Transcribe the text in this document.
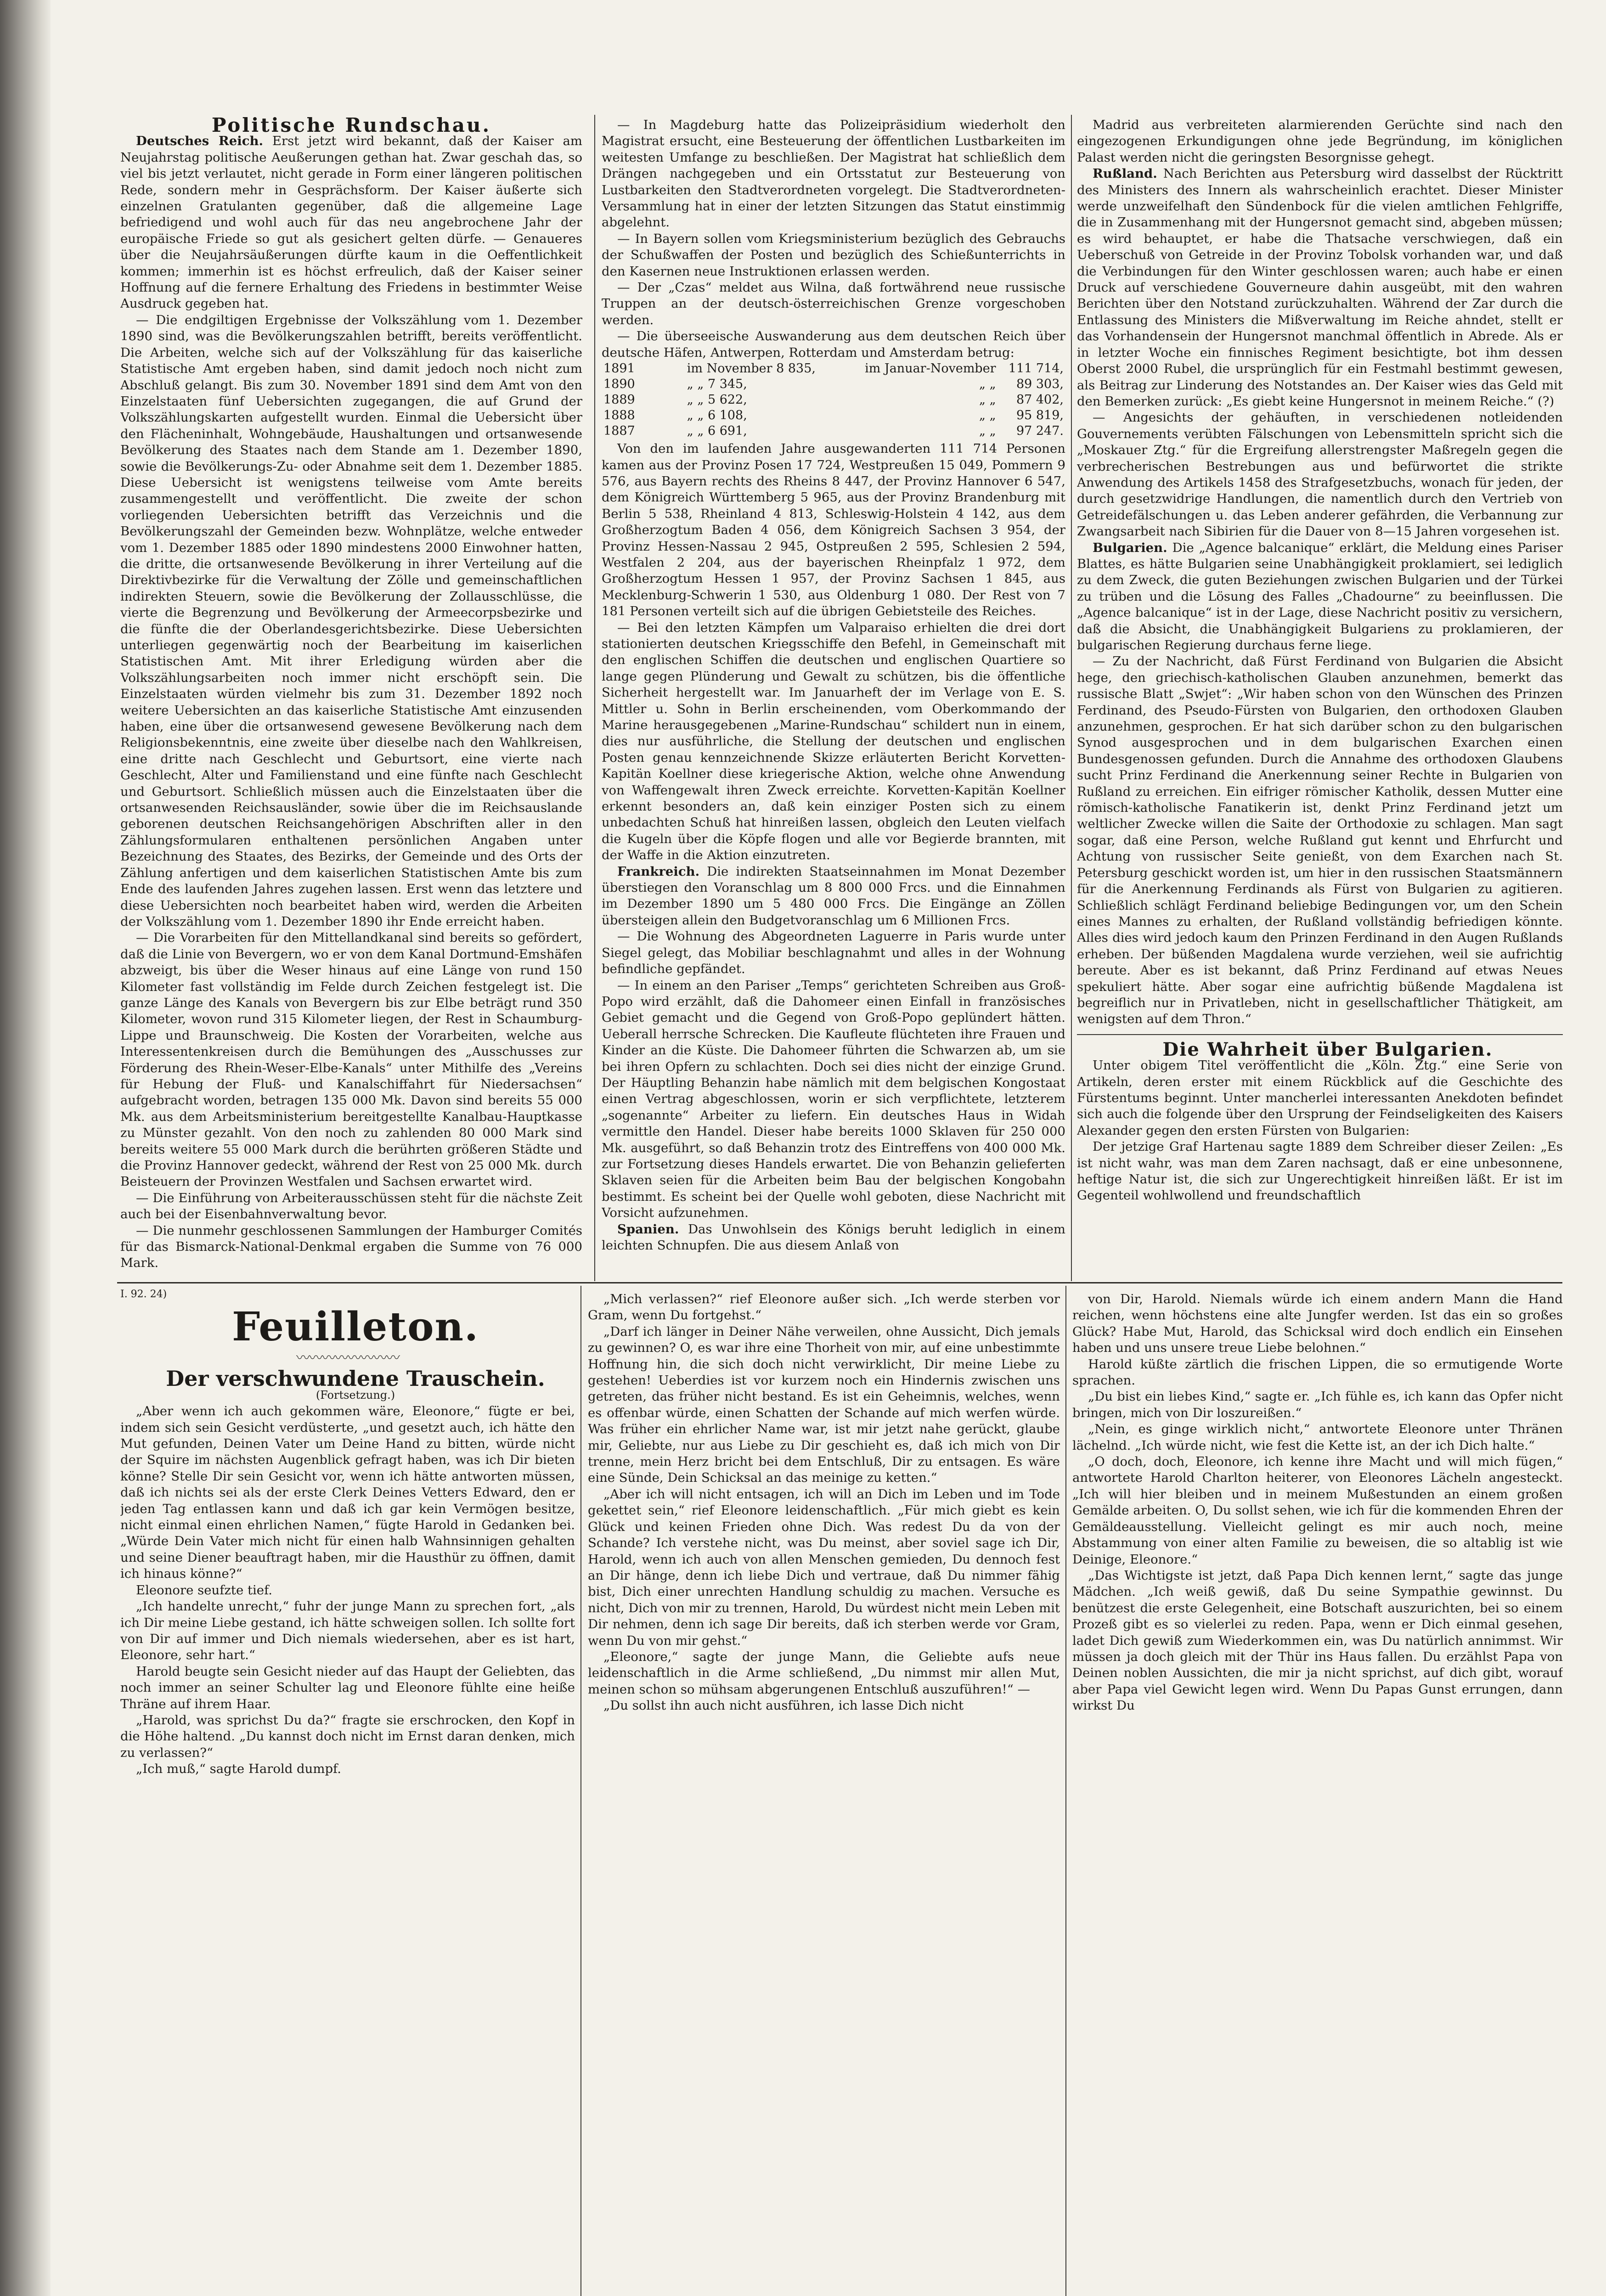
I. 92. 24)

Politische Rundschau.

Deutsches Reich. Erst jetzt wird bekannt, daß der Kaiser am Neujahrstag politische Aeußerungen gethan hat. Zwar geschah das, so viel bis jetzt verlautet, nicht gerade in Form einer längeren politischen Rede, sondern mehr in Gesprächsform. Der Kaiser äußerte sich einzelnen Gratulanten gegenüber, daß die allgemeine Lage befriedigend und wohl auch für das neu angebrochene Jahr der europäische Friede so gut als gesichert gelten dürfe. — Genaueres über die Neujahrsäußerungen dürfte kaum in die Oeffentlichkeit kommen; immerhin ist es höchst erfreulich, daß der Kaiser seiner Hoffnung auf die fernere Erhaltung des Friedens in bestimmter Weise Ausdruck gegeben hat.

— Die endgiltigen Ergebnisse der Volkszählung vom 1. Dezember 1890 sind, was die Bevölkerungszahlen betrifft, bereits veröffentlicht. Die Arbeiten, welche sich auf der Volkszählung für das kaiserliche Statistische Amt ergeben haben, sind damit jedoch noch nicht zum Abschluß gelangt. Bis zum 30. November 1891 sind dem Amt von den Einzelstaaten fünf Uebersichten zugegangen, die auf Grund der Volkszählungskarten aufgestellt wurden. Einmal die Uebersicht über den Flächeninhalt, Wohngebäude, Haushaltungen und ortsanwesende Bevölkerung des Staates nach dem Stande am 1. Dezember 1890, sowie die Bevölkerungs-Zu- oder Abnahme seit dem 1. Dezember 1885. Diese Uebersicht ist wenigstens teilweise vom Amte bereits zusammengestellt und veröffentlicht. Die zweite der schon vorliegenden Uebersichten betrifft das Verzeichnis und die Bevölkerungszahl der Gemeinden bezw. Wohnplätze, welche entweder vom 1. Dezember 1885 oder 1890 mindestens 2000 Einwohner hatten, die dritte, die ortsanwesende Bevölkerung in ihrer Verteilung auf die Direktivbezirke für die Verwaltung der Zölle und gemeinschaftlichen indirekten Steuern, sowie die Bevölkerung der Zollausschlüsse, die vierte die Begrenzung und Bevölkerung der Armeecorpsbezirke und die fünfte die der Oberlandesgerichtsbezirke. Diese Uebersichten unterliegen gegenwärtig noch der Bearbeitung im kaiserlichen Statistischen Amt. Mit ihrer Erledigung würden aber die Volkszählungsarbeiten noch immer nicht erschöpft sein. Die Einzelstaaten würden vielmehr bis zum 31. Dezember 1892 noch weitere Uebersichten an das kaiserliche Statistische Amt einzusenden haben, eine über die ortsanwesend gewesene Bevölkerung nach dem Religionsbekenntnis, eine zweite über dieselbe nach den Wahlkreisen, eine dritte nach Geschlecht und Geburtsort, eine vierte nach Geschlecht, Alter und Familienstand und eine fünfte nach Geschlecht und Geburtsort. Schließlich müssen auch die Einzelstaaten über die ortsanwesenden Reichsausländer, sowie über die im Reichsauslande geborenen deutschen Reichsangehörigen Abschriften aller in den Zählungsformularen enthaltenen persönlichen Angaben unter Bezeichnung des Staates, des Bezirks, der Gemeinde und des Orts der Zählung anfertigen und dem kaiserlichen Statistischen Amte bis zum Ende des laufenden Jahres zugehen lassen. Erst wenn das letztere und diese Uebersichten noch bearbeitet haben wird, werden die Arbeiten der Volkszählung vom 1. Dezember 1890 ihr Ende erreicht haben.

— Die Vorarbeiten für den Mittellandkanal sind bereits so gefördert, daß die Linie von Bevergern, wo er von dem Kanal Dortmund-Emshäfen abzweigt, bis über die Weser hinaus auf eine Länge von rund 150 Kilometer fast vollständig im Felde durch Zeichen festgelegt ist. Die ganze Länge des Kanals von Bevergern bis zur Elbe beträgt rund 350 Kilometer, wovon rund 315 Kilometer liegen, der Rest in Schaumburg-Lippe und Braunschweig. Die Kosten der Vorarbeiten, welche aus Interessentenkreisen durch die Bemühungen des „Ausschusses zur Förderung des Rhein-Weser-Elbe-Kanals“ unter Mithilfe des „Vereins für Hebung der Fluß- und Kanalschiffahrt für Niedersachsen“ aufgebracht worden, betragen 135 000 Mk. Davon sind bereits 55 000 Mk. aus dem Arbeitsministerium bereitgestellte Kanalbau-Hauptkasse zu Münster gezahlt. Von den noch zu zahlenden 80 000 Mark sind bereits weitere 55 000 Mark durch die berührten größeren Städte und die Provinz Hannover gedeckt, während der Rest von 25 000 Mk. durch Beisteuern der Provinzen Westfalen und Sachsen erwartet wird.

— Die Einführung von Arbeiterausschüssen steht für die nächste Zeit auch bei der Eisenbahnverwaltung bevor.

— Die nunmehr geschlossenen Sammlungen der Hamburger Comités für das Bismarck-National-Denkmal ergaben die Summe von 76 000 Mark.

— In Magdeburg hatte das Polizeipräsidium wiederholt den Magistrat ersucht, eine Besteuerung der öffentlichen Lustbarkeiten im weitesten Umfange zu beschließen. Der Magistrat hat schließlich dem Drängen nachgegeben und ein Ortsstatut zur Besteuerung von Lustbarkeiten den Stadtverordneten vorgelegt. Die Stadtverordneten-Versammlung hat in einer der letzten Sitzungen das Statut einstimmig abgelehnt.

— In Bayern sollen vom Kriegsministerium bezüglich des Gebrauchs der Schußwaffen der Posten und bezüglich des Schießunterrichts in den Kasernen neue Instruktionen erlassen werden.

— Der „Czas“ meldet aus Wilna, daß fortwährend neue russische Truppen an der deutsch-österreichischen Grenze vorgeschoben werden.

— Die überseeische Auswanderung aus dem deutschen Reich über deutsche Häfen, Antwerpen, Rotterdam und Amsterdam betrug:

1891	im November 8 835,	im Januar-November	111 714,
1890	„ „ 7 345,	„ „	89 303,
1889	„ „ 5 622,	„ „	87 402,
1888	„ „ 6 108,	„ „	95 819,
1887	„ „ 6 691,	„ „	97 247.

Von den im laufenden Jahre ausgewanderten 111 714 Personen kamen aus der Provinz Posen 17 724, Westpreußen 15 049, Pommern 9 576, aus Bayern rechts des Rheins 8 447, der Provinz Hannover 6 547, dem Königreich Württemberg 5 965, aus der Provinz Brandenburg mit Berlin 5 538, Rheinland 4 813, Schleswig-Holstein 4 142, aus dem Großherzogtum Baden 4 056, dem Königreich Sachsen 3 954, der Provinz Hessen-Nassau 2 945, Ostpreußen 2 595, Schlesien 2 594, Westfalen 2 204, aus der bayerischen Rheinpfalz 1 972, dem Großherzogtum Hessen 1 957, der Provinz Sachsen 1 845, aus Mecklenburg-Schwerin 1 530, aus Oldenburg 1 080. Der Rest von 7 181 Personen verteilt sich auf die übrigen Gebietsteile des Reiches.

— Bei den letzten Kämpfen um Valparaiso erhielten die drei dort stationierten deutschen Kriegsschiffe den Befehl, in Gemeinschaft mit den englischen Schiffen die deutschen und englischen Quartiere so lange gegen Plünderung und Gewalt zu schützen, bis die öffentliche Sicherheit hergestellt war. Im Januarheft der im Verlage von E. S. Mittler u. Sohn in Berlin erscheinenden, vom Oberkommando der Marine herausgegebenen „Marine-Rundschau“ schildert nun in einem, dies nur ausführliche, die Stellung der deutschen und englischen Posten genau kennzeichnende Skizze erläuterten Bericht Korvetten-Kapitän Koellner diese kriegerische Aktion, welche ohne Anwendung von Waffengewalt ihren Zweck erreichte. Korvetten-Kapitän Koellner erkennt besonders an, daß kein einziger Posten sich zu einem unbedachten Schuß hat hinreißen lassen, obgleich den Leuten vielfach die Kugeln über die Köpfe flogen und alle vor Begierde brannten, mit der Waffe in die Aktion einzutreten.

Frankreich. Die indirekten Staatseinnahmen im Monat Dezember überstiegen den Voranschlag um 8 800 000 Frcs. und die Einnahmen im Dezember 1890 um 5 480 000 Frcs. Die Eingänge an Zöllen übersteigen allein den Budgetvoranschlag um 6 Millionen Frcs.

— Die Wohnung des Abgeordneten Laguerre in Paris wurde unter Siegel gelegt, das Mobiliar beschlagnahmt und alles in der Wohnung befindliche gepfändet.

— In einem an den Pariser „Temps“ gerichteten Schreiben aus Groß-Popo wird erzählt, daß die Dahomeer einen Einfall in französisches Gebiet gemacht und die Gegend von Groß-Popo geplündert hätten. Ueberall herrsche Schrecken. Die Kaufleute flüchteten ihre Frauen und Kinder an die Küste. Die Dahomeer führten die Schwarzen ab, um sie bei ihren Opfern zu schlachten. Doch sei dies nicht der einzige Grund. Der Häuptling Behanzin habe nämlich mit dem belgischen Kongostaat einen Vertrag abgeschlossen, worin er sich verpflichtete, letzterem „sogenannte“ Arbeiter zu liefern. Ein deutsches Haus in Widah vermittle den Handel. Dieser habe bereits 1000 Sklaven für 250 000 Mk. ausgeführt, so daß Behanzin trotz des Eintreffens von 400 000 Mk. zur Fortsetzung dieses Handels erwartet. Die von Behanzin gelieferten Sklaven seien für die Arbeiten beim Bau der belgischen Kongobahn bestimmt. Es scheint bei der Quelle wohl geboten, diese Nachricht mit Vorsicht aufzunehmen.

Spanien. Das Unwohlsein des Königs beruht lediglich in einem leichten Schnupfen. Die aus diesem Anlaß von

Madrid aus verbreiteten alarmierenden Gerüchte sind nach den eingezogenen Erkundigungen ohne jede Begründung, im königlichen Palast werden nicht die geringsten Besorgnisse gehegt.

Rußland. Nach Berichten aus Petersburg wird dasselbst der Rücktritt des Ministers des Innern als wahrscheinlich erachtet. Dieser Minister werde unzweifelhaft den Sündenbock für die vielen amtlichen Fehlgriffe, die in Zusammenhang mit der Hungersnot gemacht sind, abgeben müssen; es wird behauptet, er habe die Thatsache verschwiegen, daß ein Ueberschuß von Getreide in der Provinz Tobolsk vorhanden war, und daß die Verbindungen für den Winter geschlossen waren; auch habe er einen Druck auf verschiedene Gouverneure dahin ausgeübt, mit den wahren Berichten über den Notstand zurückzuhalten. Während der Zar durch die Entlassung des Ministers die Mißverwaltung im Reiche ahndet, stellt er das Vorhandensein der Hungersnot manchmal öffentlich in Abrede. Als er in letzter Woche ein finnisches Regiment besichtigte, bot ihm dessen Oberst 2000 Rubel, die ursprünglich für ein Festmahl bestimmt gewesen, als Beitrag zur Linderung des Notstandes an. Der Kaiser wies das Geld mit den Bemerken zurück: „Es giebt keine Hungersnot in meinem Reiche.“ (?)

— Angesichts der gehäuften, in verschiedenen notleidenden Gouvernements verübten Fälschungen von Lebensmitteln spricht sich die „Moskauer Ztg.“ für die Ergreifung allerstrengster Maßregeln gegen die verbrecherischen Bestrebungen aus und befürwortet die strikte Anwendung des Artikels 1458 des Strafgesetzbuchs, wonach für jeden, der durch gesetzwidrige Handlungen, die namentlich durch den Vertrieb von Getreidefälschungen u. das Leben anderer gefährden, die Verbannung zur Zwangsarbeit nach Sibirien für die Dauer von 8—15 Jahren vorgesehen ist.

Bulgarien. Die „Agence balcanique“ erklärt, die Meldung eines Pariser Blattes, es hätte Bulgarien seine Unabhängigkeit proklamiert, sei lediglich zu dem Zweck, die guten Beziehungen zwischen Bulgarien und der Türkei zu trüben und die Lösung des Falles „Chadourne“ zu beeinflussen. Die „Agence balcanique“ ist in der Lage, diese Nachricht positiv zu versichern, daß die Absicht, die Unabhängigkeit Bulgariens zu proklamieren, der bulgarischen Regierung durchaus ferne liege.

— Zu der Nachricht, daß Fürst Ferdinand von Bulgarien die Absicht hege, den griechisch-katholischen Glauben anzunehmen, bemerkt das russische Blatt „Swjet“: „Wir haben schon von den Wünschen des Prinzen Ferdinand, des Pseudo-Fürsten von Bulgarien, den orthodoxen Glauben anzunehmen, gesprochen. Er hat sich darüber schon zu den bulgarischen Synod ausgesprochen und in dem bulgarischen Exarchen einen Bundesgenossen gefunden. Durch die Annahme des orthodoxen Glaubens sucht Prinz Ferdinand die Anerkennung seiner Rechte in Bulgarien von Rußland zu erreichen. Ein eifriger römischer Katholik, dessen Mutter eine römisch-katholische Fanatikerin ist, denkt Prinz Ferdinand jetzt um weltlicher Zwecke willen die Saite der Orthodoxie zu schlagen. Man sagt sogar, daß eine Person, welche Rußland gut kennt und Ehrfurcht und Achtung von russischer Seite genießt, von dem Exarchen nach St. Petersburg geschickt worden ist, um hier in den russischen Staatsmännern für die Anerkennung Ferdinands als Fürst von Bulgarien zu agitieren. Schließlich schlägt Ferdinand beliebige Bedingungen vor, um den Schein eines Mannes zu erhalten, der Rußland vollständig befriedigen könnte. Alles dies wird jedoch kaum den Prinzen Ferdinand in den Augen Rußlands erheben. Der büßenden Magdalena wurde verziehen, weil sie aufrichtig bereute. Aber es ist bekannt, daß Prinz Ferdinand auf etwas Neues spekuliert hätte. Aber sogar eine aufrichtig büßende Magdalena ist begreiflich nur in Privatleben, nicht in gesellschaftlicher Thätigkeit, am wenigsten auf dem Thron.“

Die Wahrheit über Bulgarien.

Unter obigem Titel veröffentlicht die „Köln. Ztg.“ eine Serie von Artikeln, deren erster mit einem Rückblick auf die Geschichte des Fürstentums beginnt. Unter mancherlei interessanten Anekdoten befindet sich auch die folgende über den Ursprung der Feindseligkeiten des Kaisers Alexander gegen den ersten Fürsten von Bulgarien:

Der jetzige Graf Hartenau sagte 1889 dem Schreiber dieser Zeilen: „Es ist nicht wahr, was man dem Zaren nachsagt, daß er eine unbesonnene, heftige Natur ist, die sich zur Ungerechtigkeit hinreißen läßt. Er ist im Gegenteil wohlwollend und freundschaftlich

Feuilleton.

〰〰〰〰〰〰〰〰

Der verschwundene Trauschein.

(Fortsetzung.)

„Aber wenn ich auch gekommen wäre, Eleonore,“ fügte er bei, indem sich sein Gesicht verdüsterte, „und gesetzt auch, ich hätte den Mut gefunden, Deinen Vater um Deine Hand zu bitten, würde nicht der Squire im nächsten Augenblick gefragt haben, was ich Dir bieten könne? Stelle Dir sein Gesicht vor, wenn ich hätte antworten müssen, daß ich nichts sei als der erste Clerk Deines Vetters Edward, den er jeden Tag entlassen kann und daß ich gar kein Vermögen besitze, nicht einmal einen ehrlichen Namen,“ fügte Harold in Gedanken bei. „Würde Dein Vater mich nicht für einen halb Wahnsinnigen gehalten und seine Diener beauftragt haben, mir die Hausthür zu öffnen, damit ich hinaus könne?“

Eleonore seufzte tief.

„Ich handelte unrecht,“ fuhr der junge Mann zu sprechen fort, „als ich Dir meine Liebe gestand, ich hätte schweigen sollen. Ich sollte fort von Dir auf immer und Dich niemals wiedersehen, aber es ist hart, Eleonore, sehr hart.“

Harold beugte sein Gesicht nieder auf das Haupt der Geliebten, das noch immer an seiner Schulter lag und Eleonore fühlte eine heiße Thräne auf ihrem Haar.

„Harold, was sprichst Du da?“ fragte sie erschrocken, den Kopf in die Höhe haltend. „Du kannst doch nicht im Ernst daran denken, mich zu verlassen?“

„Ich muß,“ sagte Harold dumpf.

„Mich verlassen?“ rief Eleonore außer sich. „Ich werde sterben vor Gram, wenn Du fortgehst.“

„Darf ich länger in Deiner Nähe verweilen, ohne Aussicht, Dich jemals zu gewinnen? O, es war ihre eine Thorheit von mir, auf eine unbestimmte Hoffnung hin, die sich doch nicht verwirklicht, Dir meine Liebe zu gestehen! Ueberdies ist vor kurzem noch ein Hindernis zwischen uns getreten, das früher nicht bestand. Es ist ein Geheimnis, welches, wenn es offenbar würde, einen Schatten der Schande auf mich werfen würde. Was früher ein ehrlicher Name war, ist mir jetzt nahe gerückt, glaube mir, Geliebte, nur aus Liebe zu Dir geschieht es, daß ich mich von Dir trenne, mein Herz bricht bei dem Entschluß, Dir zu entsagen. Es wäre eine Sünde, Dein Schicksal an das meinige zu ketten.“

„Aber ich will nicht entsagen, ich will an Dich im Leben und im Tode gekettet sein,“ rief Eleonore leidenschaftlich. „Für mich giebt es kein Glück und keinen Frieden ohne Dich. Was redest Du da von der Schande? Ich verstehe nicht, was Du meinst, aber soviel sage ich Dir, Harold, wenn ich auch von allen Menschen gemieden, Du dennoch fest an Dir hänge, denn ich liebe Dich und vertraue, daß Du nimmer fähig bist, Dich einer unrechten Handlung schuldig zu machen. Versuche es nicht, Dich von mir zu trennen, Harold, Du würdest nicht mein Leben mit Dir nehmen, denn ich sage Dir bereits, daß ich sterben werde vor Gram, wenn Du von mir gehst.“

„Eleonore,“ sagte der junge Mann, die Geliebte aufs neue leidenschaftlich in die Arme schließend, „Du nimmst mir allen Mut, meinen schon so mühsam abgerungenen Entschluß auszuführen!“ —

„Du sollst ihn auch nicht ausführen, ich lasse Dich nicht

von Dir, Harold. Niemals würde ich einem andern Mann die Hand reichen, wenn höchstens eine alte Jungfer werden. Ist das ein so großes Glück? Habe Mut, Harold, das Schicksal wird doch endlich ein Einsehen haben und uns unsere treue Liebe belohnen.“

Harold küßte zärtlich die frischen Lippen, die so ermutigende Worte sprachen.

„Du bist ein liebes Kind,“ sagte er. „Ich fühle es, ich kann das Opfer nicht bringen, mich von Dir loszureißen.“

„Nein, es ginge wirklich nicht,“ antwortete Eleonore unter Thränen lächelnd. „Ich würde nicht, wie fest die Kette ist, an der ich Dich halte.“

„O doch, doch, Eleonore, ich kenne ihre Macht und will mich fügen,“ antwortete Harold Charlton heiterer, von Eleonores Lächeln angesteckt. „Ich will hier bleiben und in meinem Mußestunden an einem großen Gemälde arbeiten. O, Du sollst sehen, wie ich für die kommenden Ehren der Gemäldeausstellung. Vielleicht gelingt es mir auch noch, meine Abstammung von einer alten Familie zu beweisen, die so altablig ist wie Deinige, Eleonore.“

„Das Wichtigste ist jetzt, daß Papa Dich kennen lernt,“ sagte das junge Mädchen. „Ich weiß gewiß, daß Du seine Sympathie gewinnst. Du benützest die erste Gelegenheit, eine Botschaft auszurichten, bei so einem Prozeß gibt es so vielerlei zu reden. Papa, wenn er Dich einmal gesehen, ladet Dich gewiß zum Wiederkommen ein, was Du natürlich annimmst. Wir müssen ja doch gleich mit der Thür ins Haus fallen. Du erzählst Papa von Deinen noblen Aussichten, die mir ja nicht sprichst, auf dich gibt, worauf aber Papa viel Gewicht legen wird. Wenn Du Papas Gunst errungen, dann wirkst Du
